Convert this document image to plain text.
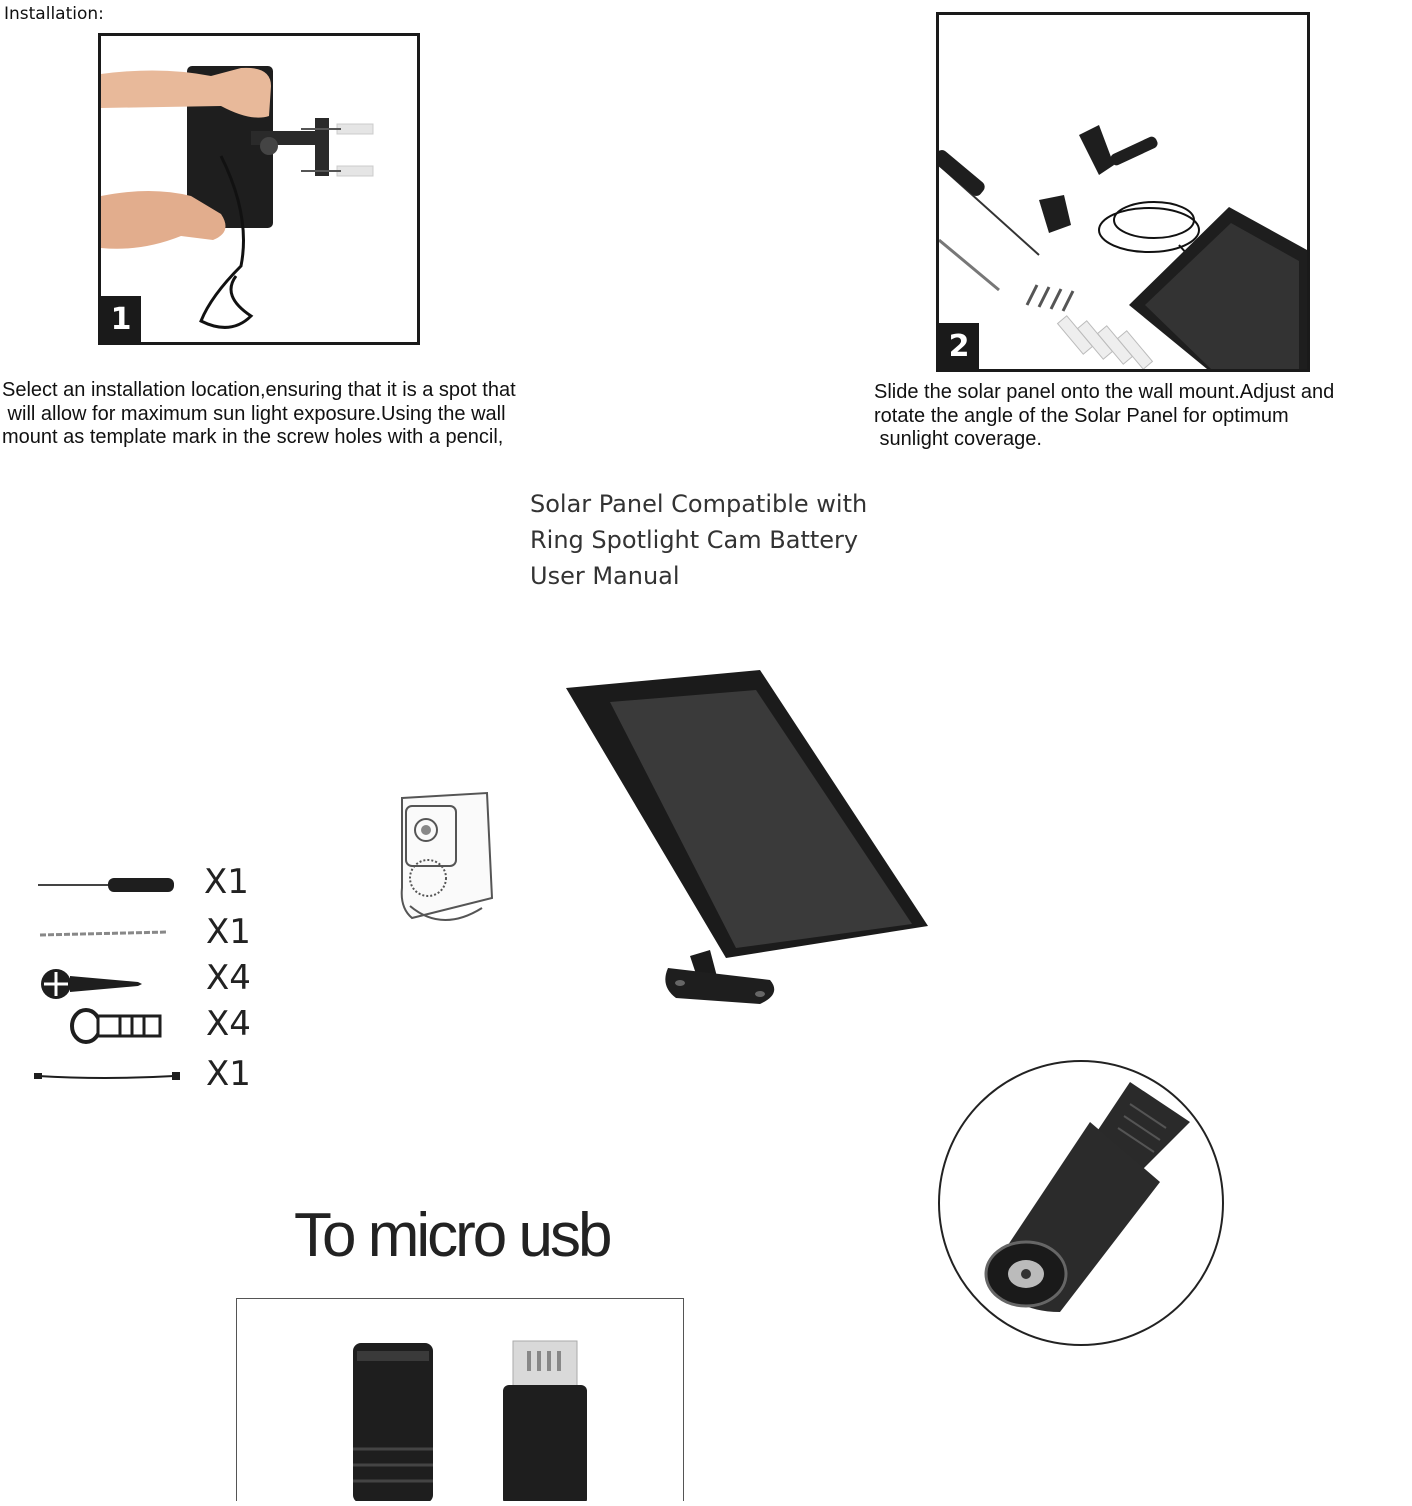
Installation:
1
2
Select an installation location,ensuring that it is a spot that
will allow for maximum sun light exposure.Using the wall
mount as template mark in the screw holes with a pencil,
Slide the solar panel onto the wall mount.Adjust and
rotate the angle of the Solar Panel for optimum
sunlight coverage.
Solar Panel Compatible with
Ring Spotlight Cam Battery
User Manual
X1
X1
X4
X4
X1
To micro usb
